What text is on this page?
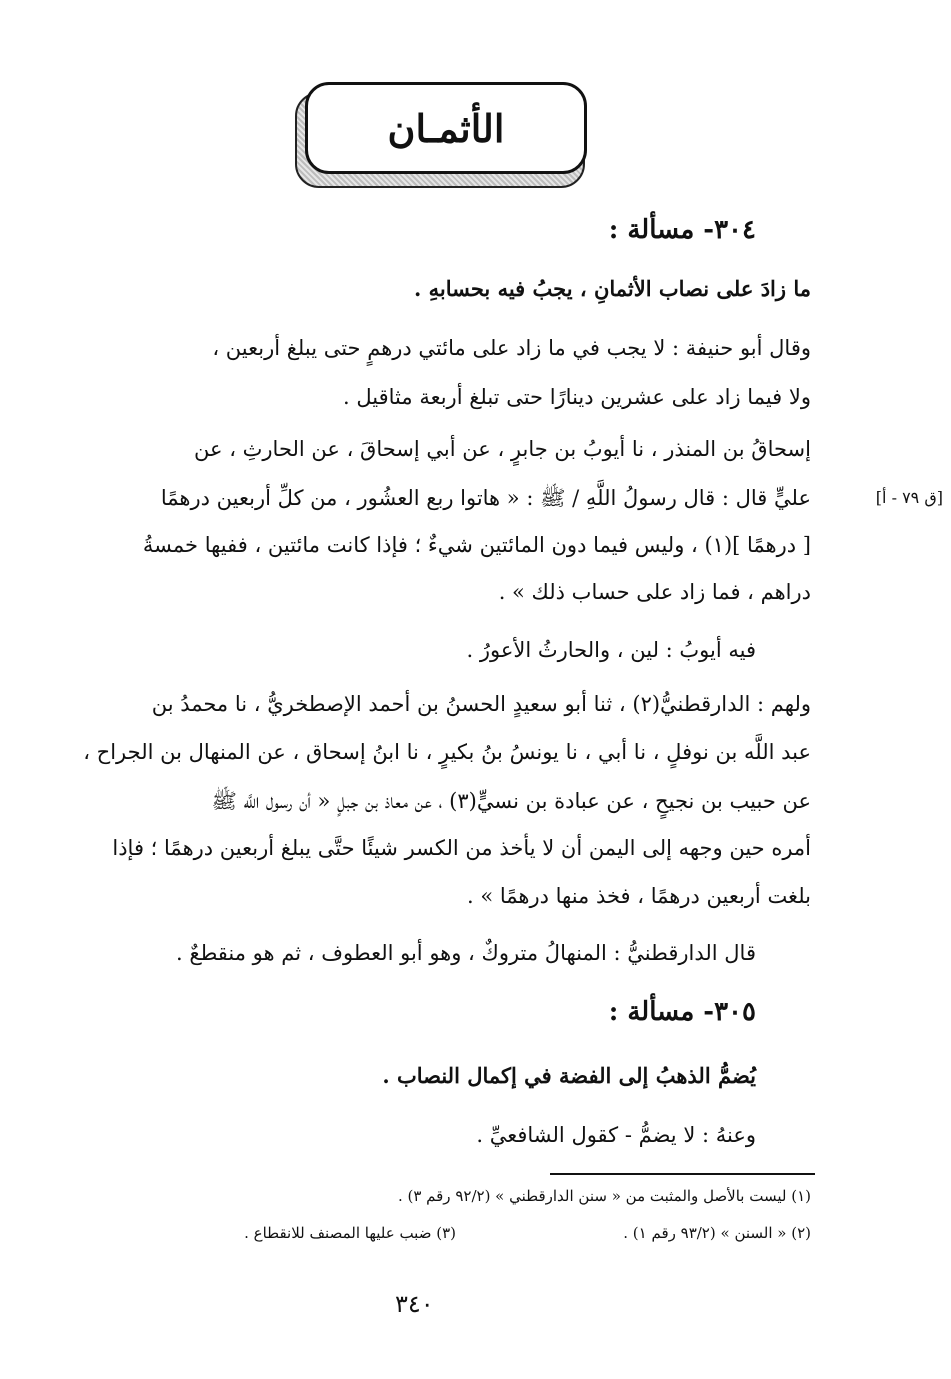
الأثمـان
٣٠٤- مسألة :
ما زادَ على نصاب الأثمانِ ، يجبُ فيه بحسابهِ .
وقال أبو حنيفة : لا يجب في ما زاد على مائتي درهمٍ حتى يبلغ أربعين ،
ولا فيما زاد على عشرين دينارًا حتى تبلغ أربعة مثاقيل .
إسحاقُ بن المنذر ، نا أيوبُ بن جابرٍ ، عن أبي إسحاقَ ، عن الحارثِ ، عن
[ق ٧٩ - أ]
عليٍّ قال : قال رسولُ اللَّهِ / ﷺ : « هاتوا ربع العشُور ، من كلِّ أربعين درهمًا
[ درهمًا ](١) ، وليس فيما دون المائتين شيءٌ ؛ فإذا كانت مائتين ، ففيها خمسةُ
دراهم ، فما زاد على حساب ذلك » .
فيه أيوبُ : لين ، والحارثُ الأعورُ .
ولهم : الدارقطنيُّ(٢) ، ثنا أبو سعيدٍ الحسنُ بن أحمد الإصطخريُّ ، نا محمدُ بن
عبد اللَّه بن نوفلٍ ، نا أبي ، نا يونسُ بنُ بكيرٍ ، نا ابنُ إسحاق ، عن المنهال بن الجراح ،
عن حبيب بن نجيحٍ ، عن عبادة بن نسيٍّ(٣) ، عن معاذ بن جبلٍ « أن رسول اللَّه ﷺ
أمره حين وجهه إلى اليمن أن لا يأخذ من الكسر شيئًا حتَّى يبلغ أربعين درهمًا ؛ فإذا
بلغت أربعين درهمًا ، فخذ منها درهمًا » .
قال الدارقطنيُّ : المنهالُ متروكٌ ، وهو أبو العطوف ، ثم هو منقطعٌ .
٣٠٥- مسألة :
يُضمُّ الذهبُ إلى الفضة في إكمال النصاب .
وعنهُ : لا يضمُّ - كقول الشافعيِّ .
(١) ليست بالأصل والمثبت من « سنن الدارقطني » (٩٢/٢ رقم ٣) .
(٢) « السنن » (٩٣/٢ رقم ١) .
(٣) ضبب عليها المصنف للانقطاع .
٣٤٠
